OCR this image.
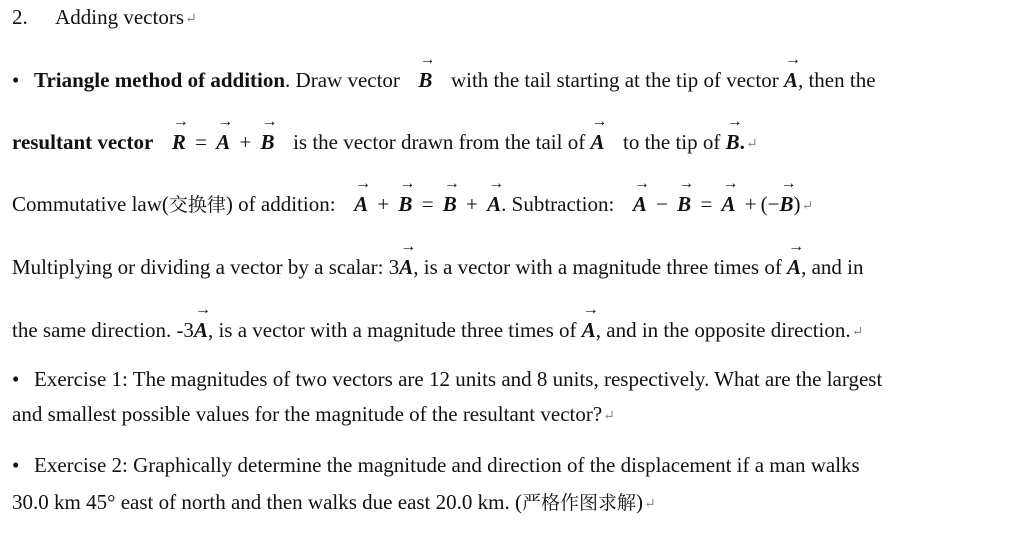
2. Adding vectors↵
• Triangle method of addition. Draw vector
→
B with the tail starting at the tip of vector
→
A, then the
resultant vector
→
R =
→
A +
→
B is the vector drawn from the tail of
→
A to the tip of
→
B.↵
Commutative law(交换律) of addition:
→
A +
→
B =
→
B +
→
A. Subtraction:
→
A −
→
B =
→
A + (−
→
B)↵
Multiplying or dividing a vector by a scalar: 3
→
A, is a vector with a magnitude three times of
→
A, and in
the same direction. -3
→
A, is a vector with a magnitude three times of
→
A, and in the opposite direction.↵
• Exercise 1: The magnitudes of two vectors are 12 units and 8 units, respectively. What are the largest
and smallest possible values for the magnitude of the resultant vector?↵
• Exercise 2: Graphically determine the magnitude and direction of the displacement if a man walks
30.0 km 45° east of north and then walks due east 20.0 km. (严格作图求解)↵
